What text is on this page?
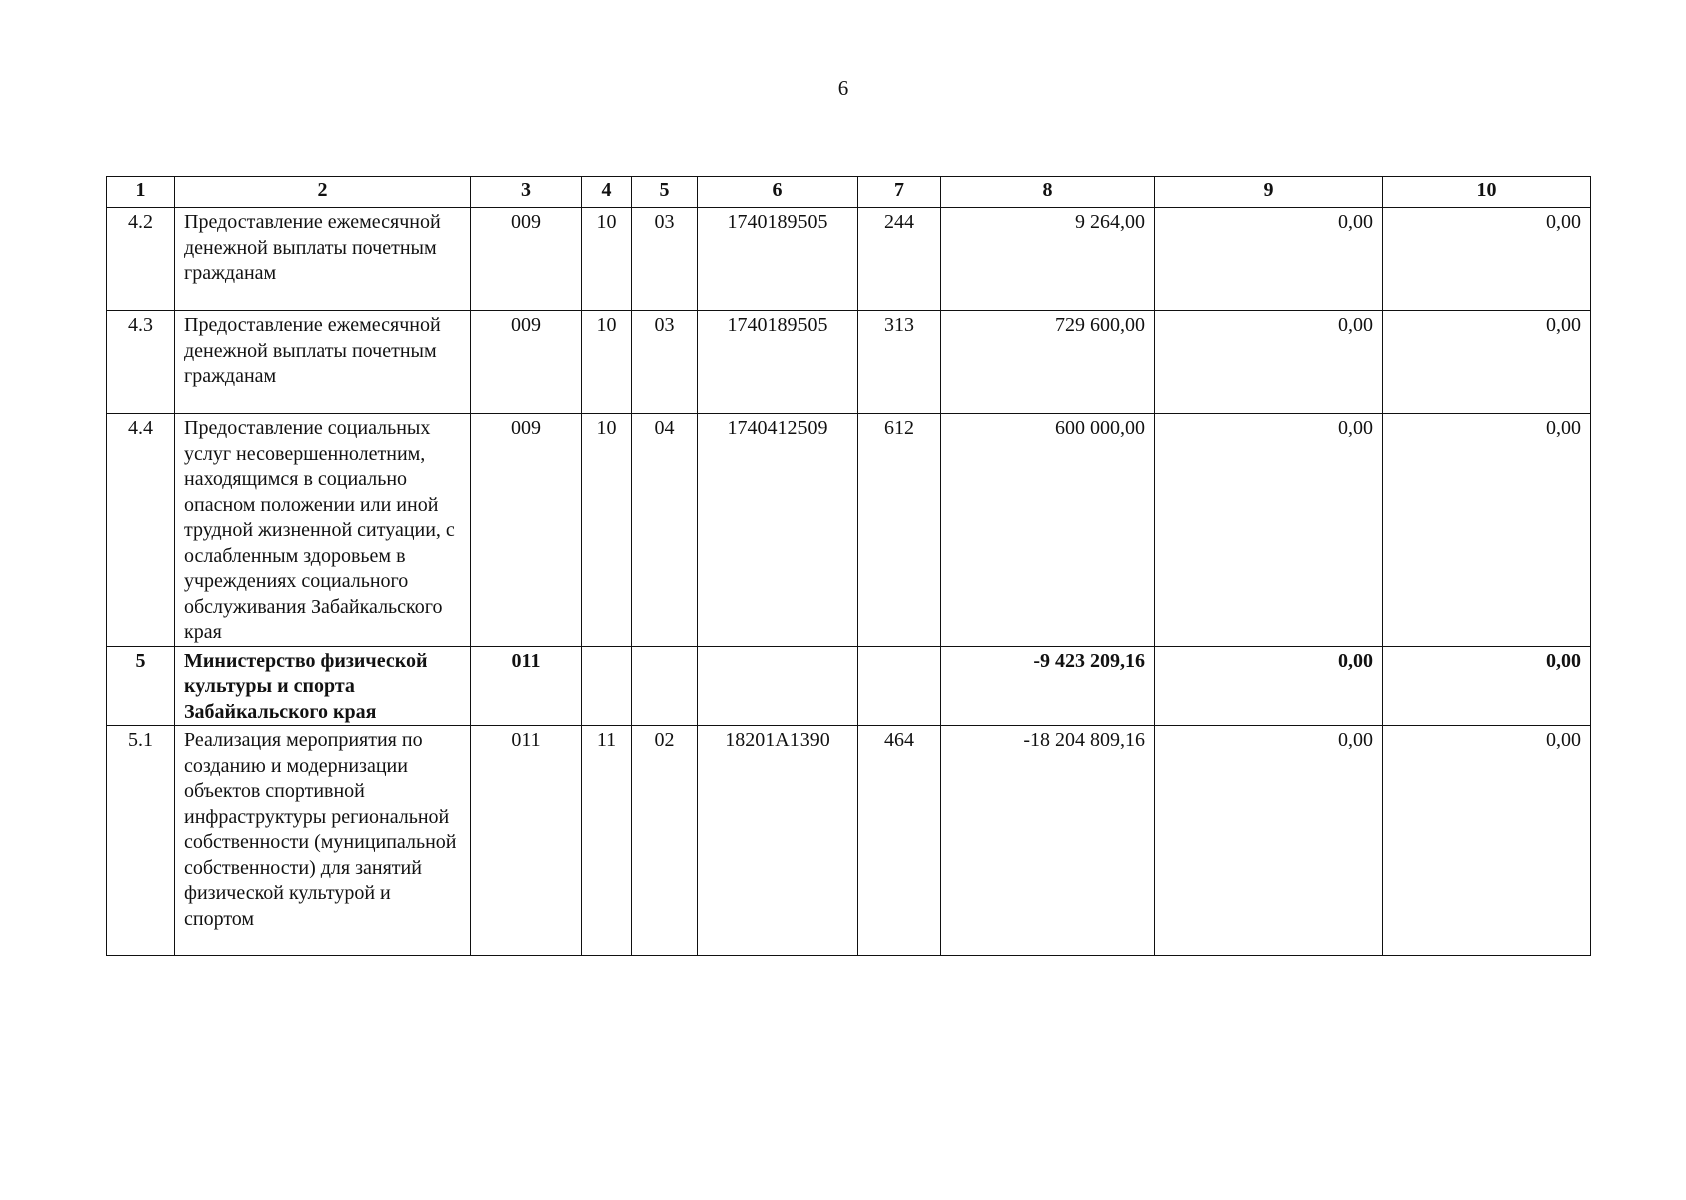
6
1	2	3	4	5	6	7	8	9	10
4.2	Предоставление ежемесячной денежной выплаты почетным гражданам	009	10	03	1740189505	244	9 264,00	0,00	0,00
4.3	Предоставление ежемесячной денежной выплаты почетным гражданам	009	10	03	1740189505	313	729 600,00	0,00	0,00
4.4	Предоставление социальных услуг несовершеннолетним, находящимся в социально опасном положении или иной трудной жизненной ситуации, с ослабленным здоровьем в учреждениях социального обслуживания Забайкальского края	009	10	04	1740412509	612	600 000,00	0,00	0,00
5	Министерство физической культуры и спорта Забайкальского края	011					-9 423 209,16	0,00	0,00
5.1	Реализация мероприятия по созданию и модернизации объектов спортивной инфраструктуры региональной собственности (муниципальной собственности) для занятий физической культурой и спортом	011	11	02	18201A1390	464	-18 204 809,16	0,00	0,00
